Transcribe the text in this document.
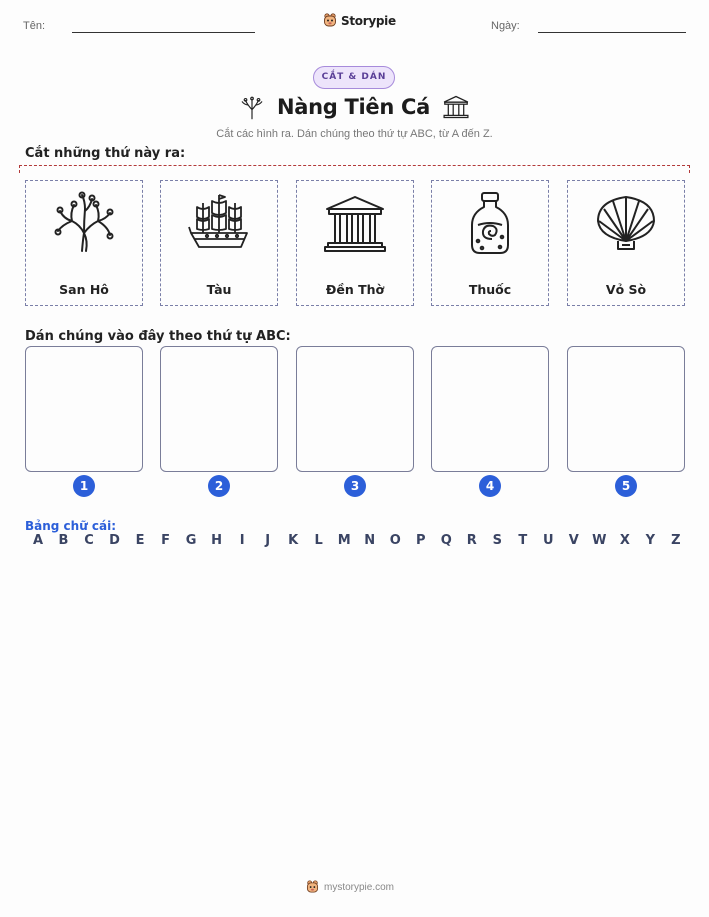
Tên:	Storypie	Ngày:
CẮT & DÁN
Nàng Tiên Cá
Cắt các hình ra. Dán chúng theo thứ tự ABC, từ A đến Z.
Cắt những thứ này ra:
San Hô	Tàu	Đền Thờ	Thuốc	Vỏ Sò
Dán chúng vào đây theo thứ tự ABC:
1	2	3	4	5
Bảng chữ cái:
A B C D E F G H	I	J	K L M N O P Q R S T U V W X Y Z
mystorypie.com
